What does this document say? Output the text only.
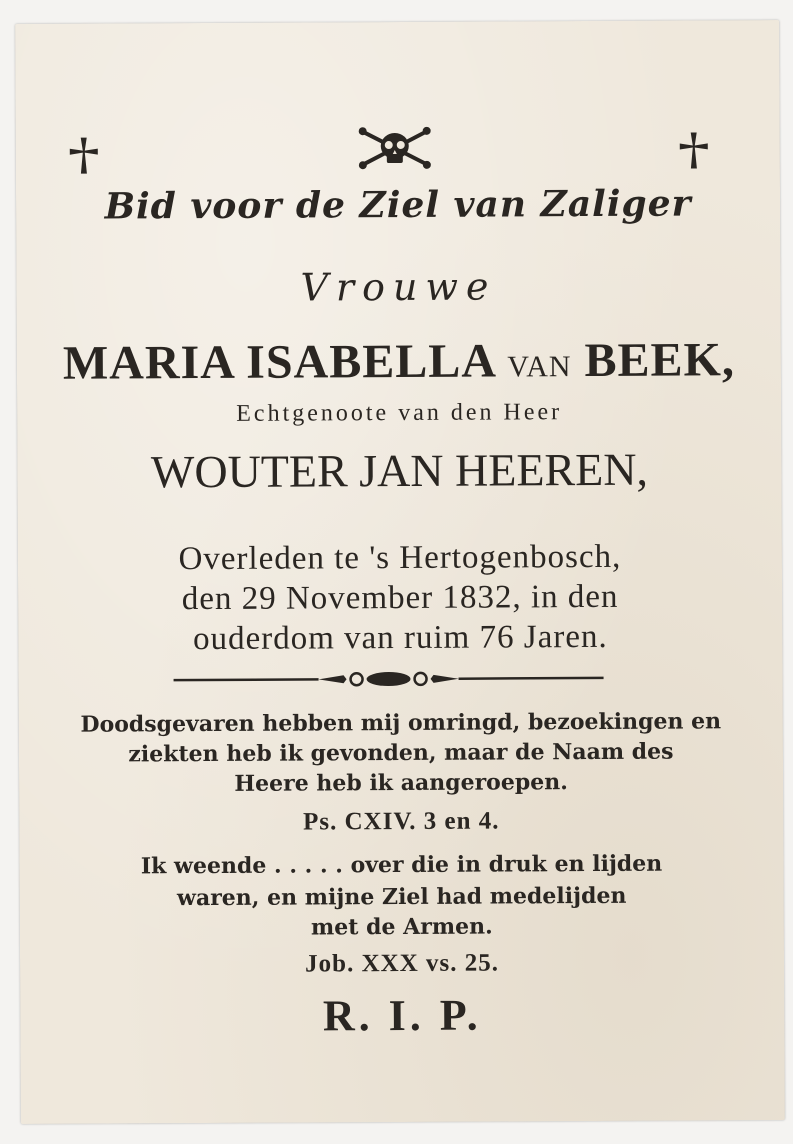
Bid voor de Ziel van Zaliger
Vrouwe
MARIA ISABELLA VAN BEEK,
Echtgenoote van den Heer
WOUTER JAN HEEREN,
Overleden te 's Hertogenbosch,
den 29 November 1832, in den
ouderdom van ruim 76 Jaren.
Doodsgevaren hebben mij omringd, bezoekingen en
ziekten heb ik gevonden, maar de Naam des
Heere heb ik aangeroepen.
Ps. CXIV. 3 en 4.
Ik weende . . . . . over die in druk en lijden
waren, en mijne Ziel had medelijden
met de Armen.
Job. XXX vs. 25.
R. I. P.
